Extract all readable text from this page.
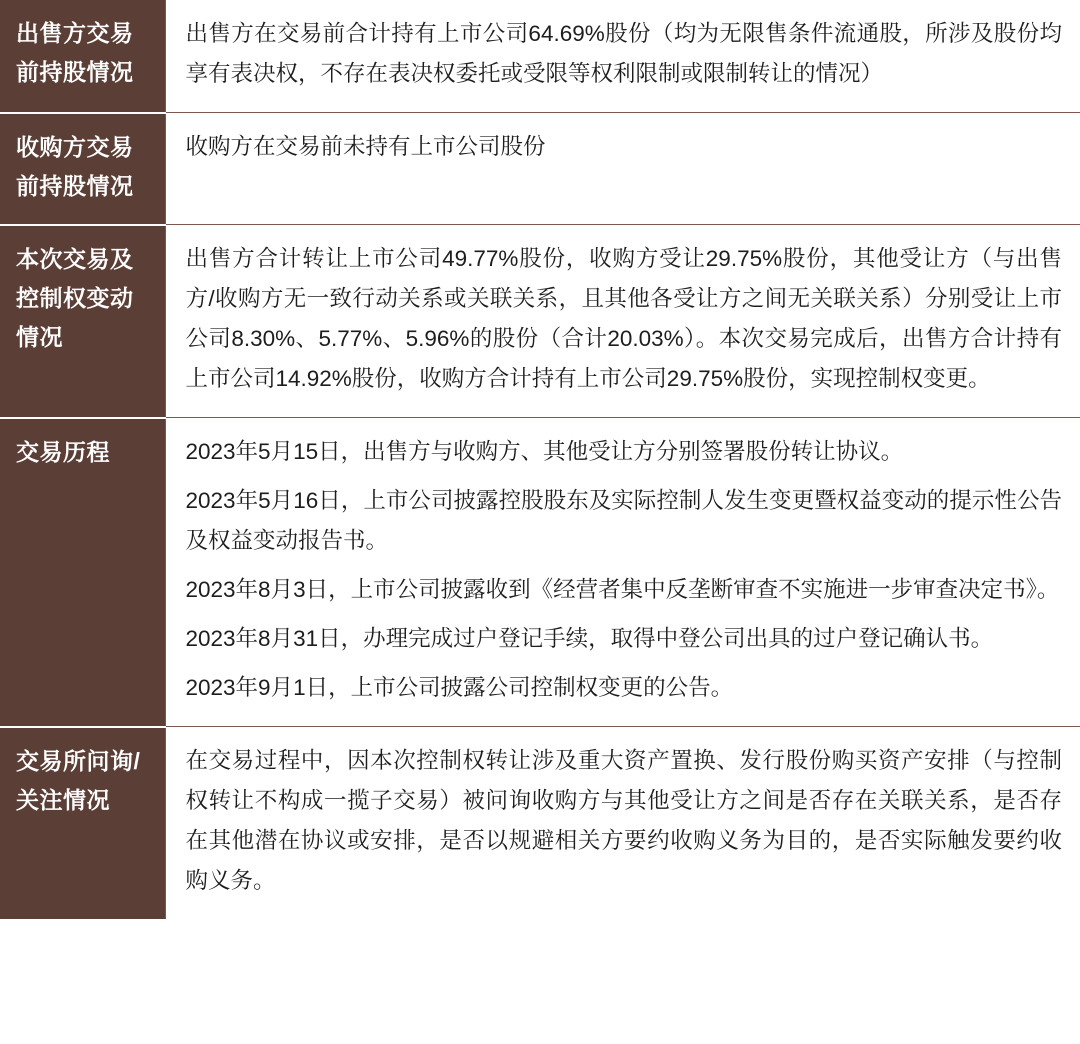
出售方交易前持股情况	出售方在交易前合计持有上市公司64.69%股份（均为无限售条件流通股，所涉及股份均享有表决权，不存在表决权委托或受限等权利限制或限制转让的情况）

收购方交易前持股情况	收购方在交易前未持有上市公司股份

本次交易及控制权变动情况	出售方合计转让上市公司49.77%股份，收购方受让29.75%股份，其他受让方（与出售方/收购方无一致行动关系或关联关系，且其他各受让方之间无关联关系）分别受让上市公司8.30%、5.77%、5.96%的股份（合计20.03%）。本次交易完成后，出售方合计持有上市公司14.92%股份，收购方合计持有上市公司29.75%股份，实现控制权变更。

交易历程	2023年5月15日，出售方与收购方、其他受让方分别签署股份转让协议。

2023年5月16日，上市公司披露控股股东及实际控制人发生变更暨权益变动的提示性公告及权益变动报告书。

2023年8月3日，上市公司披露收到《经营者集中反垄断审查不实施进一步审查决定书》。

2023年8月31日，办理完成过户登记手续，取得中登公司出具的过户登记确认书。

2023年9月1日，上市公司披露公司控制权变更的公告。

交易所问询/关注情况	在交易过程中，因本次控制权转让涉及重大资产置换、发行股份购买资产安排（与控制权转让不构成一揽子交易）被问询收购方与其他受让方之间是否存在关联关系，是否存在其他潜在协议或安排，是否以规避相关方要约收购义务为目的，是否实际触发要约收购义务。
